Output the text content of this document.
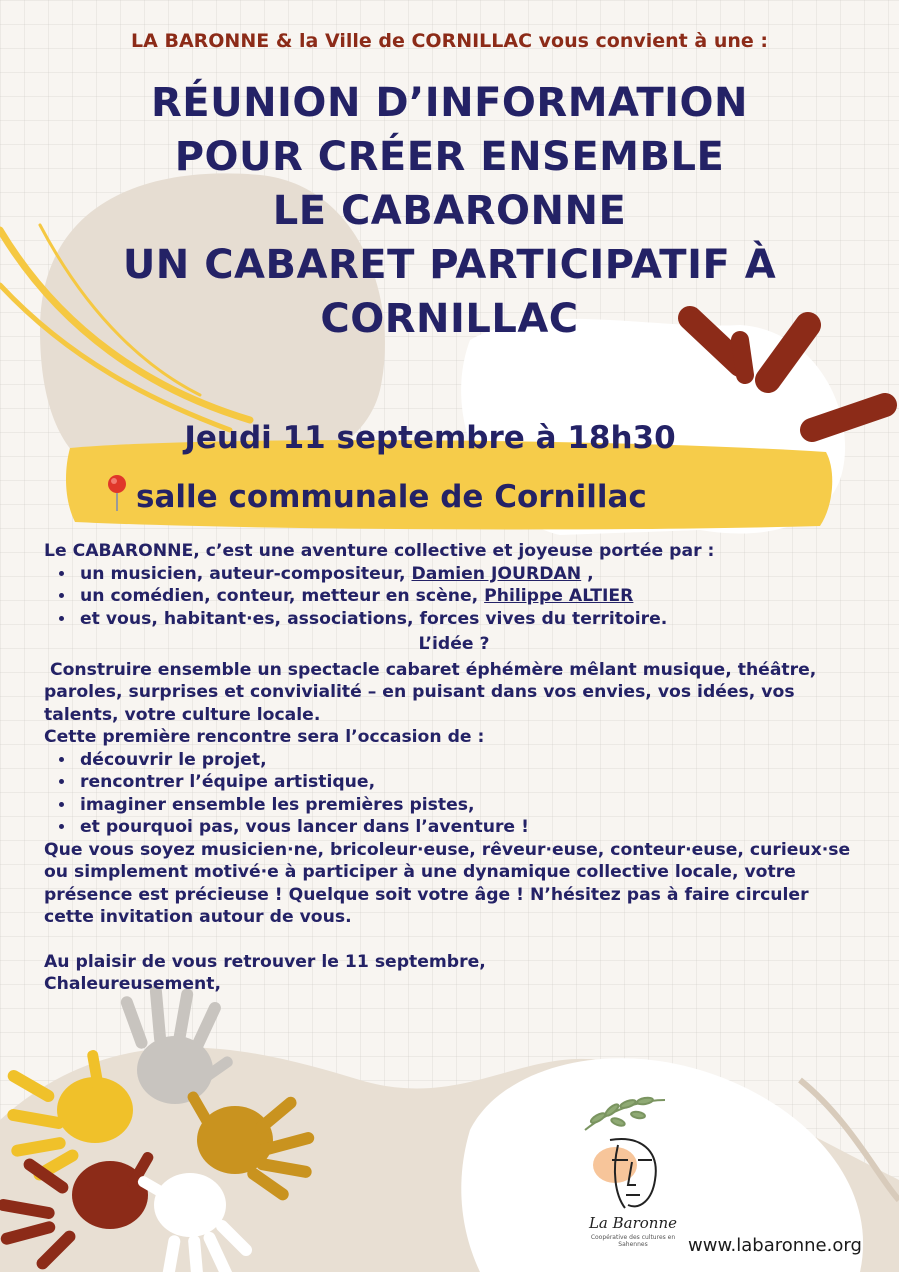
LA BARONNE & la Ville de CORNILLAC vous convient à une :
RÉUNION D’INFORMATION
POUR CRÉER ENSEMBLE
LE CABARONNE
UN CABARET PARTICIPATIF À
CORNILLAC
Jeudi 11 septembre à 18h30
salle communale de Cornillac

Le CABARONNE, c’est une aventure collective et joyeuse portée par :

• un musicien, auteur-compositeur, Damien JOURDAN ,
• un comédien, conteur, metteur en scène, Philippe ALTIER
• et vous, habitant·es, associations, forces vives du territoire.

L’idée ?

Construire ensemble un spectacle cabaret éphémère mêlant musique, théâtre, paroles, surprises et convivialité – en puisant dans vos envies, vos idées, vos talents, votre culture locale.

Cette première rencontre sera l’occasion de :

• découvrir le projet,
• rencontrer l’équipe artistique,
• imaginer ensemble les premières pistes,
• et pourquoi pas, vous lancer dans l’aventure !

Que vous soyez musicien·ne, bricoleur·euse, rêveur·euse, conteur·euse, curieux·se ou simplement motivé·e à participer à une dynamique collective locale, votre présence est précieuse ! Quelque soit votre âge ! N’hésitez pas à faire circuler cette invitation autour de vous.

Au plaisir de vous retrouver le 11 septembre,

Chaleureusement,

La Baronne
Coopérative des cultures en Sahennes	www.labaronne.org
